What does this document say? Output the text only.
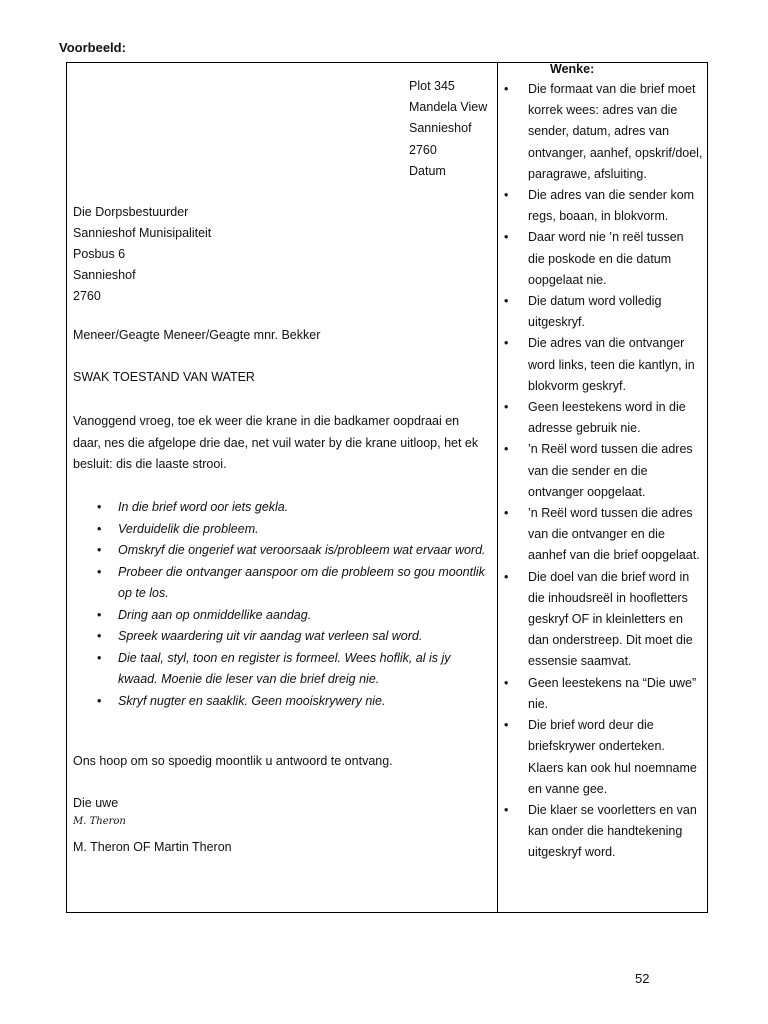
Voorbeeld:
Plot 345
Mandela View
Sannieshof
2760
Datum
Die Dorpsbestuurder
Sannieshof Munisipaliteit
Posbus 6
Sannieshof
2760
Meneer/Geagte Meneer/Geagte mnr. Bekker
SWAK TOESTAND VAN WATER
Vanoggend vroeg, toe ek weer die krane in die badkamer oopdraai en daar, nes die afgelope drie dae, net vuil water by die krane uitloop, het ek besluit: dis die laaste strooi.
• In die brief word oor iets gekla.
• Verduidelik die probleem.
• Omskryf die ongerief wat veroorsaak is/probleem wat ervaar word.
• Probeer die ontvanger aanspoor om die probleem so gou moontlik op te los.
• Dring aan op onmiddellike aandag.
• Spreek waardering uit vir aandag wat verleen sal word.
• Die taal, styl, toon en register is formeel. Wees hoflik, al is jy kwaad. Moenie die leser van die brief dreig nie.
• Skryf nugter en saaklik. Geen mooiskrywery nie.
Ons hoop om so spoedig moontlik u antwoord te ontvang.
Die uwe
M. Theron
M. Theron OF Martin Theron
Wenke:
• Die formaat van die brief moet korrek wees: adres van die sender, datum, adres van ontvanger, aanhef, opskrif/doel, paragrawe, afsluiting.
• Die adres van die sender kom regs, boaan, in blokvorm.
• Daar word nie ’n reël tussen die poskode en die datum oopgelaat nie.
• Die datum word volledig uitgeskryf.
• Die adres van die ontvanger word links, teen die kantlyn, in blokvorm geskryf.
• Geen leestekens word in die adresse gebruik nie.
• ’n Reël word tussen die adres van die sender en die ontvanger oopgelaat.
• ’n Reël word tussen die adres van die ontvanger en die aanhef van die brief oopgelaat.
• Die doel van die brief word in die inhoudsreël in hoofletters geskryf OF in kleinletters en dan onderstreep. Dit moet die essensie saamvat.
• Geen leestekens na “Die uwe” nie.
• Die brief word deur die briefskrywer onderteken. Klaers kan ook hul noemname en vanne gee.
• Die klaer se voorletters en van kan onder die handtekening uitgeskryf word.
52
